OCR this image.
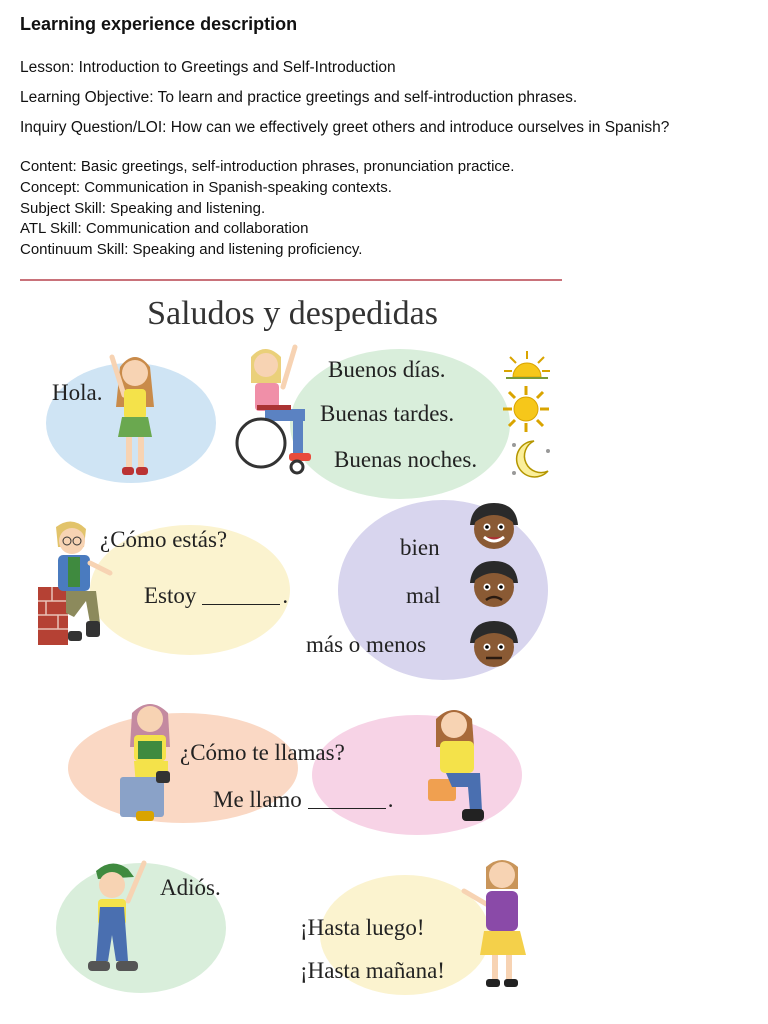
Learning experience description
Lesson: Introduction to Greetings and Self-Introduction
Learning Objective: To learn and practice greetings and self-introduction phrases.
Inquiry Question/LOI: How can we effectively greet others and introduce ourselves in Spanish?
Content: Basic greetings, self-introduction phrases, pronunciation practice.
Concept: Communication in Spanish-speaking contexts.
Subject Skill: Speaking and listening.
ATL Skill: Communication and collaboration
Continuum Skill: Speaking and listening proficiency.
Saludos y despedidas
Hola.
Buenos días.
Buenas tardes.
Buenas noches.
¿Cómo estás?
Estoy	.
bien
mal
más o menos
¿Cómo te llamas?
Me llamo	.
Adiós.
¡Hasta luego!
¡Hasta mañana!
